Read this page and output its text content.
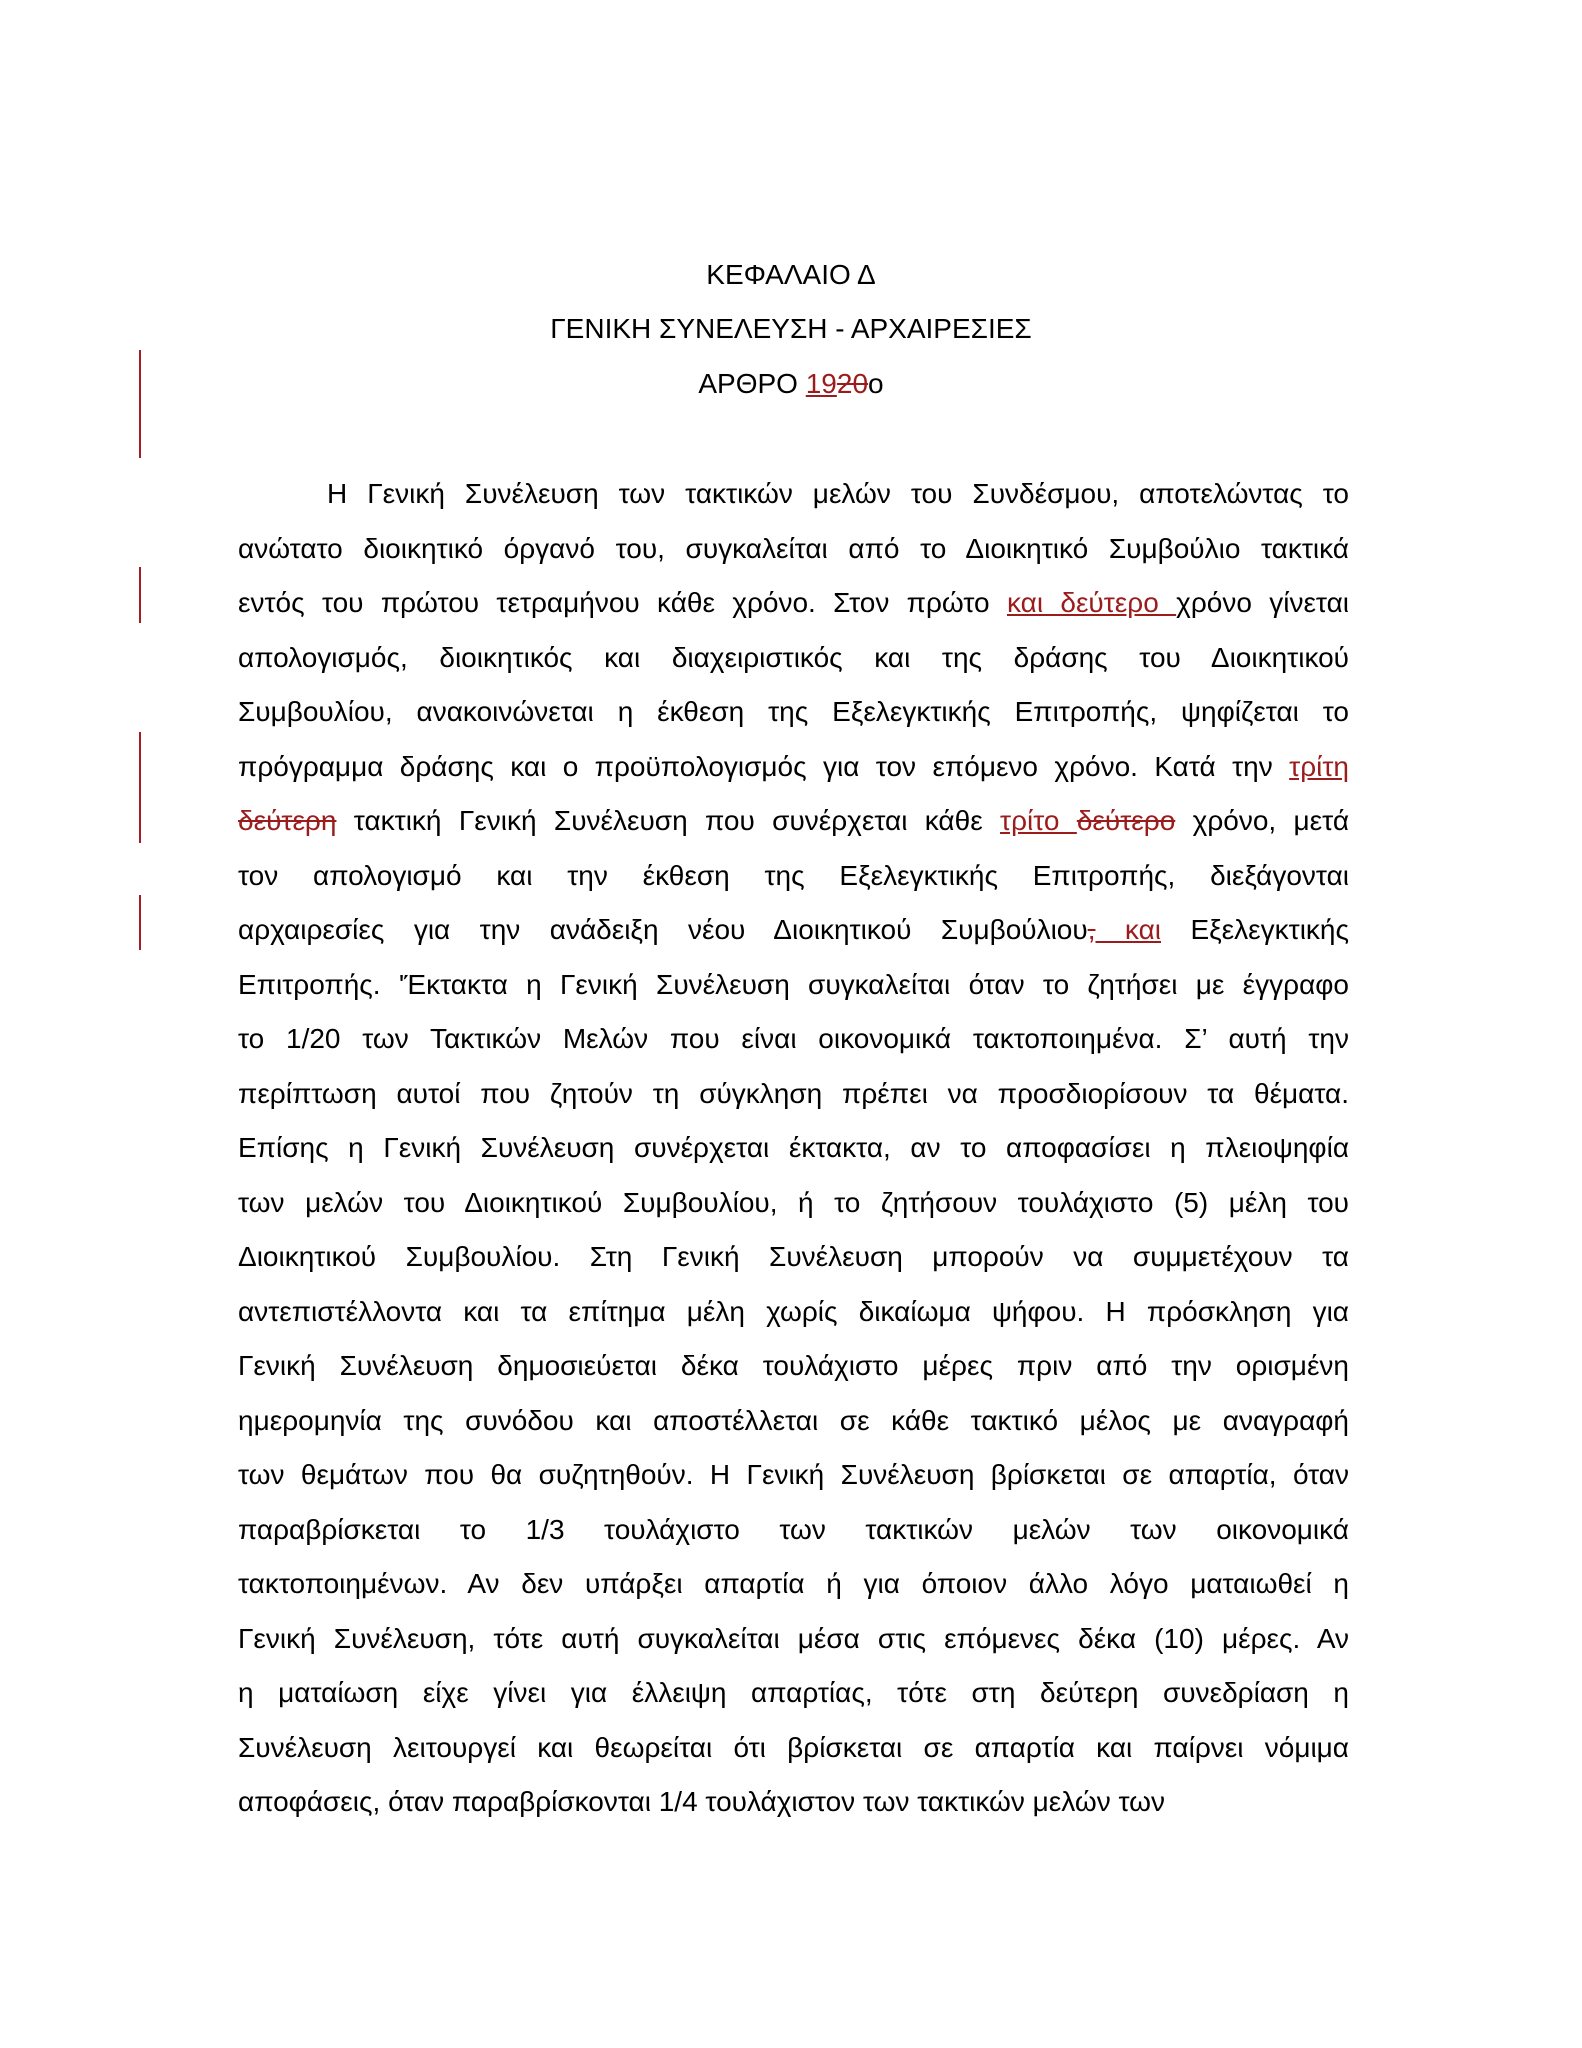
ΚΕΦΑΛΑΙΟ Δ
ΓΕΝΙΚΗ ΣΥΝΕΛΕΥΣΗ - ΑΡΧΑΙΡΕΣΙΕΣ
ΑΡΘΡΟ 1920ο
Η Γενική Συνέλευση των τακτικών μελών του Συνδέσμου, αποτελώντας το
ανώτατο διοικητικό όργανό του, συγκαλείται από το Διοικητικό Συμβούλιο τακτικά
εντός του πρώτου τετραμήνου κάθε χρόνο. Στον πρώτο και δεύτερο χρόνο γίνεται
απολογισμός, διοικητικός και διαχειριστικός και της δράσης του Διοικητικού
Συμβουλίου, ανακοινώνεται η έκθεση της Εξελεγκτικής Επιτροπής, ψηφίζεται το
πρόγραμμα δράσης και ο προϋπολογισμός για τον επόμενο χρόνο. Κατά την τρίτη
δεύτερη τακτική Γενική Συνέλευση που συνέρχεται κάθε τρίτο δεύτερο χρόνο, μετά
τον απολογισμό και την έκθεση της Εξελεγκτικής Επιτροπής, διεξάγονται
αρχαιρεσίες για την ανάδειξη νέου Διοικητικού Συμβούλιου, και Εξελεγκτικής
Επιτροπής. 'Έκτακτα η Γενική Συνέλευση συγκαλείται όταν το ζητήσει με έγγραφο
το 1/20 των Τακτικών Μελών που είναι οικονομικά τακτοποιημένα. Σ’ αυτή την
περίπτωση αυτοί που ζητούν τη σύγκληση πρέπει να προσδιορίσουν τα θέματα.
Επίσης η Γενική Συνέλευση συνέρχεται έκτακτα, αν το αποφασίσει η πλειοψηφία
των μελών του Διοικητικού Συμβουλίου, ή το ζητήσουν τουλάχιστο (5) μέλη του
Διοικητικού Συμβουλίου. Στη Γενική Συνέλευση μπορούν να συμμετέχουν τα
αντεπιστέλλοντα και τα επίτημα μέλη χωρίς δικαίωμα ψήφου. Η πρόσκληση για
Γενική Συνέλευση δημοσιεύεται δέκα τουλάχιστο μέρες πριν από την ορισμένη
ημερομηνία της συνόδου και αποστέλλεται σε κάθε τακτικό μέλος με αναγραφή
των θεμάτων που θα συζητηθούν. Η Γενική Συνέλευση βρίσκεται σε απαρτία, όταν
παραβρίσκεται το 1/3 τουλάχιστο των τακτικών μελών των οικονομικά
τακτοποιημένων. Αν δεν υπάρξει απαρτία ή για όποιον άλλο λόγο ματαιωθεί η
Γενική Συνέλευση, τότε αυτή συγκαλείται μέσα στις επόμενες δέκα (10) μέρες. Αν
η ματαίωση είχε γίνει για έλλειψη απαρτίας, τότε στη δεύτερη συνεδρίαση η
Συνέλευση λειτουργεί και θεωρείται ότι βρίσκεται σε απαρτία και παίρνει νόμιμα
αποφάσεις, όταν παραβρίσκονται 1/4 τουλάχιστον των τακτικών μελών των
